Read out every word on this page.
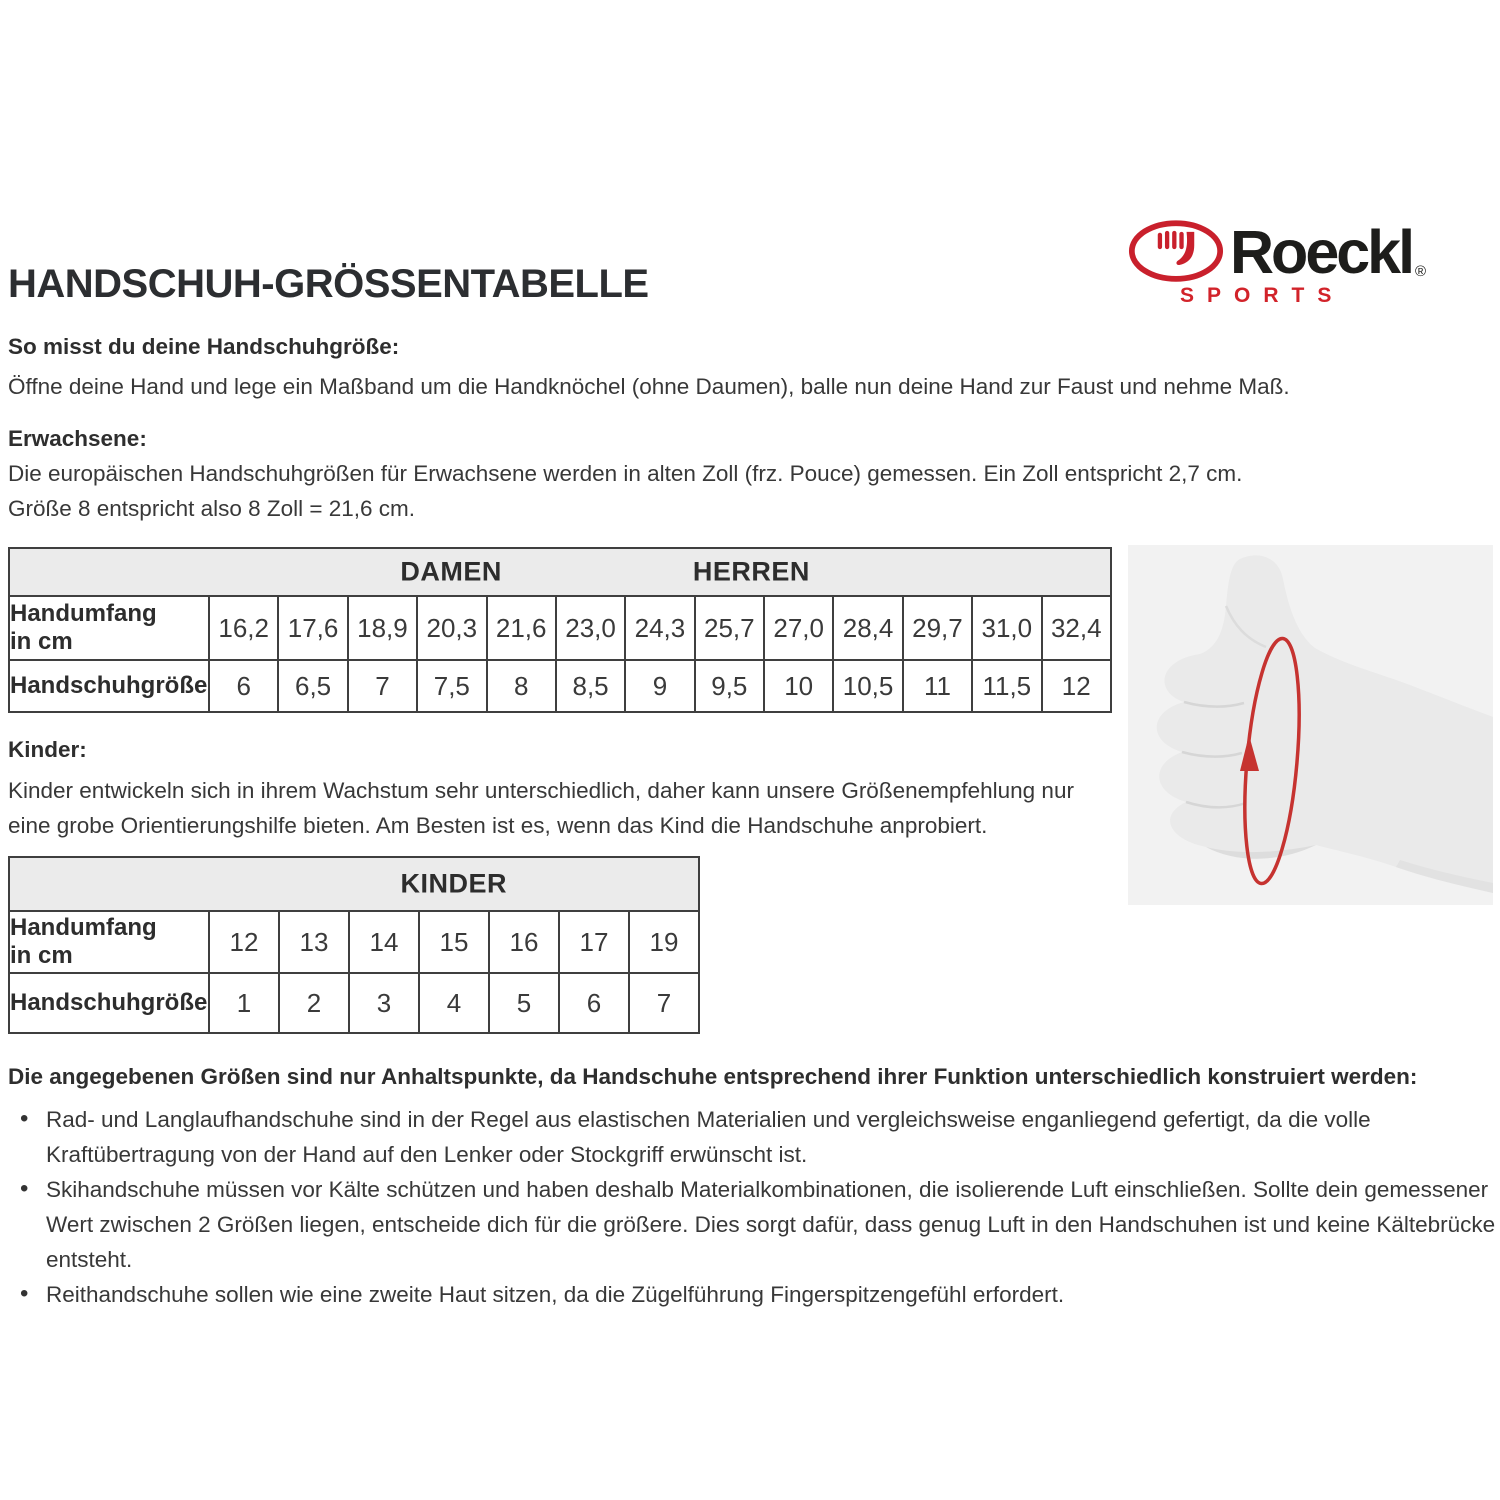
Roeckl ®
SPORTS
HANDSCHUH-GRÖSSENTABELLE
So misst du deine Handschuhgröße:
Öffne deine Hand und lege ein Maßband um die Handknöchel (ohne Daumen), balle nun deine Hand zur Faust und nehme Maß.
Erwachsene:
Die europäischen Handschuhgrößen für Erwachsene werden in alten Zoll (frz. Pouce) gemessen. Ein Zoll entspricht 2,7 cm.
Größe 8 entspricht also 8 Zoll = 21,6 cm.
DAMEN HERREN													

Handumfang
in cm	16,2	17,6	18,9	20,3	21,6	23,0	24,3	25,7	27,0	28,4	29,7	31,0	32,4
Handschuhgröße	6	6,5	7	7,5	8	8,5	9	9,5	10	10,5	11	11,5	12
Kinder:
Kinder entwickeln sich in ihrem Wachstum sehr unterschiedlich, daher kann unsere Größenempfehlung nur eine grobe Orientierungshilfe bieten. Am Besten ist es, wenn das Kind die Handschuhe anprobiert.
KINDER							

Handumfang
in cm	12	13	14	15	16	17	19
Handschuhgröße	1	2	3	4	5	6	7
Die angegebenen Größen sind nur Anhaltspunkte, da Handschuhe entsprechend ihrer Funktion unterschiedlich konstruiert werden:
• Rad- und Langlaufhandschuhe sind in der Regel aus elastischen Materialien und vergleichsweise enganliegend gefertigt, da die volle Kraftübertragung von der Hand auf den Lenker oder Stockgriff erwünscht ist.
• Skihandschuhe müssen vor Kälte schützen und haben deshalb Materialkombinationen, die isolierende Luft einschließen. Sollte dein gemessener Wert zwischen 2 Größen liegen, entscheide dich für die größere. Dies sorgt dafür, dass genug Luft in den Handschuhen ist und keine Kältebrücke entsteht.
• Reithandschuhe sollen wie eine zweite Haut sitzen, da die Zügelführung Fingerspitzengefühl erfordert.
